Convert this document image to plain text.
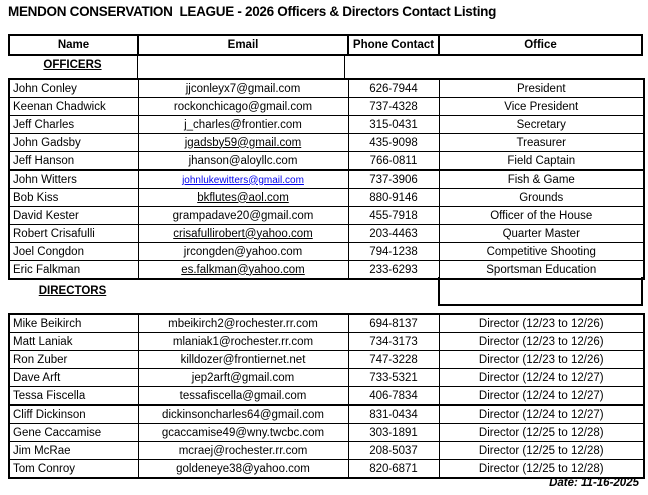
MENDON CONSERVATION  LEAGUE - 2026 Officers & Directors Contact Listing
Name	Email	Phone Contact	Office
OFFICERS
John Conley	jjconleyx7@gmail.com	626-7944	President
Keenan Chadwick	rockonchicago@gmail.com	737-4328	Vice President
Jeff Charles	j_charles@frontier.com	315-0431	Secretary
John Gadsby	jgadsby59@gmail.com	435-9098	Treasurer
Jeff Hanson	jhanson@aloyllc.com	766-0811	Field Captain
John Witters	johnlukewitters@gmail.com	737-3906	Fish & Game
Bob Kiss	bkflutes@aol.com	880-9146	Grounds
David Kester	grampadave20@gmail.com	455-7918	Officer of the House
Robert Crisafulli	crisafullirobert@yahoo.com	203-4463	Quarter Master
Joel Congdon	jrcongden@yahoo.com	794-1238	Competitive Shooting
Eric Falkman	es.falkman@yahoo.com	233-6293	Sportsman Education
DIRECTORS
Mike Beikirch	mbeikirch2@rochester.rr.com	694-8137	Director (12/23 to 12/26)
Matt Laniak	mlaniak1@rochester.rr.com	734-3173	Director (12/23 to 12/26)
Ron Zuber	killdozer@frontiernet.net	747-3228	Director (12/23 to 12/26)
Dave Arft	jep2arft@gmail.com	733-5321	Director (12/24 to 12/27)
Tessa Fiscella	tessafiscella@gmail.com	406-7834	Director (12/24 to 12/27)
Cliff Dickinson	dickinsoncharles64@gmail.com	831-0434	Director (12/24 to 12/27)
Gene Caccamise	gcaccamise49@wny.twcbc.com	303-1891	Director (12/25 to 12/28)
Jim McRae	mcraej@rochester.rr.com	208-5037	Director (12/25 to 12/28)
Tom Conroy	goldeneye38@yahoo.com	820-6871	Director (12/25 to 12/28)
Date: 11-16-2025
